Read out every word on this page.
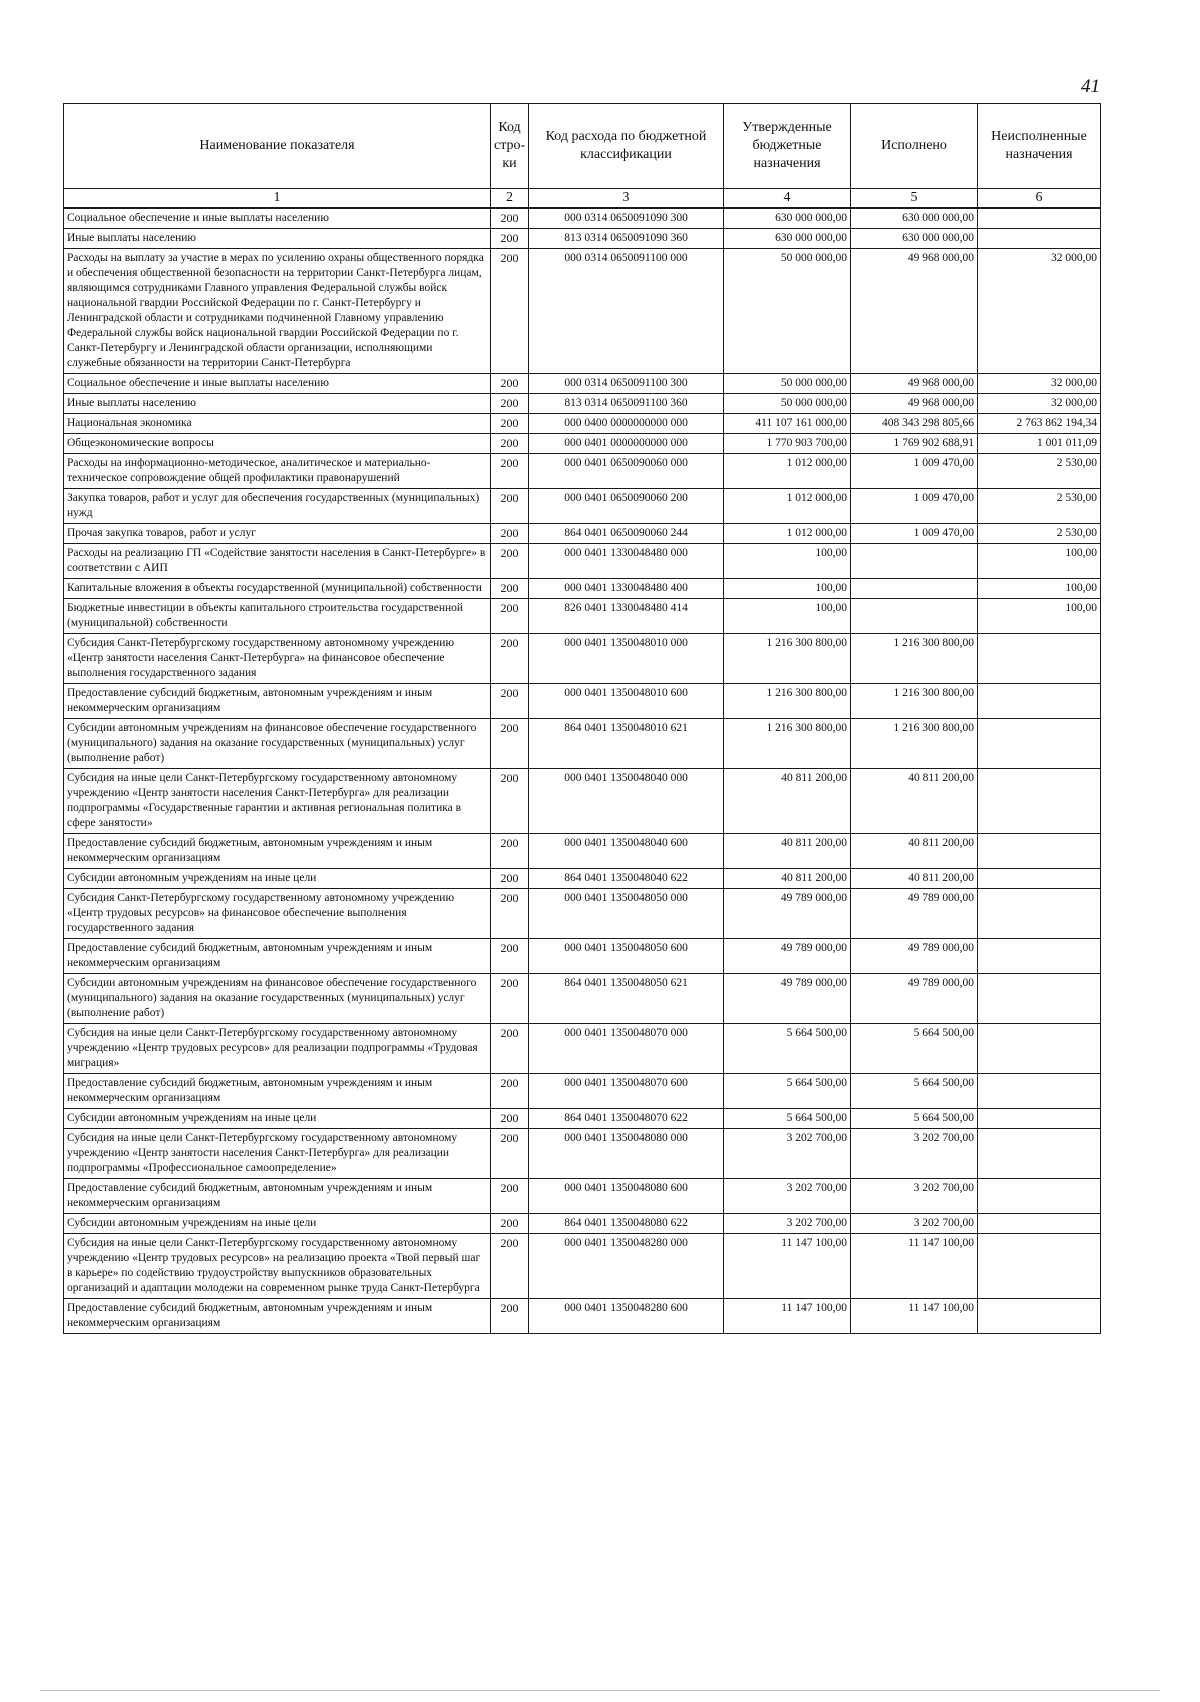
41
Наименование показателя	Код стро-ки	Код расхода по бюджетной классификации	Утвержденные бюджетные назначения	Исполнено	Неисполненные назначения
1	2	3	4	5	6
Социальное обеспечение и иные выплаты населению	200	000 0314 0650091090 300	630 000 000,00	630 000 000,00	
Иные выплаты населению	200	813 0314 0650091090 360	630 000 000,00	630 000 000,00	
Расходы на выплату за участие в мерах по усилению охраны общественного порядка и обеспечения общественной безопасности на территории Санкт-Петербурга лицам, являющимся сотрудниками Главного управления Федеральной службы войск национальной гвардии Российской Федерации по г. Санкт-Петербургу и Ленинградской области и сотрудниками подчиненной Главному управлению Федеральной службы войск национальной гвардии Российской Федерации по г. Санкт-Петербургу и Ленинградской области организации, исполняющими служебные обязанности на территории Санкт-Петербурга	200	000 0314 0650091100 000	50 000 000,00	49 968 000,00	32 000,00
Социальное обеспечение и иные выплаты населению	200	000 0314 0650091100 300	50 000 000,00	49 968 000,00	32 000,00
Иные выплаты населению	200	813 0314 0650091100 360	50 000 000,00	49 968 000,00	32 000,00
Национальная экономика	200	000 0400 0000000000 000	411 107 161 000,00	408 343 298 805,66	2 763 862 194,34
Общеэкономические вопросы	200	000 0401 0000000000 000	1 770 903 700,00	1 769 902 688,91	1 001 011,09
Расходы на информационно-методическое, аналитическое и материально-техническое сопровождение общей профилактики правонарушений	200	000 0401 0650090060 000	1 012 000,00	1 009 470,00	2 530,00
Закупка товаров, работ и услуг для обеспечения государственных (муниципальных) нужд	200	000 0401 0650090060 200	1 012 000,00	1 009 470,00	2 530,00
Прочая закупка товаров, работ и услуг	200	864 0401 0650090060 244	1 012 000,00	1 009 470,00	2 530,00
Расходы на реализацию ГП «Содействие занятости населения в Санкт-Петербурге» в соответствии с АИП	200	000 0401 1330048480 000	100,00		100,00
Капитальные вложения в объекты государственной (муниципальной) собственности	200	000 0401 1330048480 400	100,00		100,00
Бюджетные инвестиции в объекты капитального строительства государственной (муниципальной) собственности	200	826 0401 1330048480 414	100,00		100,00
Субсидия Санкт-Петербургскому государственному автономному учреждению «Центр занятости населения Санкт-Петербурга» на финансовое обеспечение выполнения государственного задания	200	000 0401 1350048010 000	1 216 300 800,00	1 216 300 800,00	
Предоставление субсидий бюджетным, автономным учреждениям и иным некоммерческим организациям	200	000 0401 1350048010 600	1 216 300 800,00	1 216 300 800,00	
Субсидии автономным учреждениям на финансовое обеспечение государственного (муниципального) задания на оказание государственных (муниципальных) услуг (выполнение работ)	200	864 0401 1350048010 621	1 216 300 800,00	1 216 300 800,00	
Субсидия на иные цели Санкт-Петербургскому государственному автономному учреждению «Центр занятости населения Санкт-Петербурга» для реализации подпрограммы «Государственные гарантии и активная региональная политика в сфере занятости»	200	000 0401 1350048040 000	40 811 200,00	40 811 200,00	
Предоставление субсидий бюджетным, автономным учреждениям и иным некоммерческим организациям	200	000 0401 1350048040 600	40 811 200,00	40 811 200,00	
Субсидии автономным учреждениям на иные цели	200	864 0401 1350048040 622	40 811 200,00	40 811 200,00	
Субсидия Санкт-Петербургскому государственному автономному учреждению «Центр трудовых ресурсов» на финансовое обеспечение выполнения государственного задания	200	000 0401 1350048050 000	49 789 000,00	49 789 000,00	
Предоставление субсидий бюджетным, автономным учреждениям и иным некоммерческим организациям	200	000 0401 1350048050 600	49 789 000,00	49 789 000,00	
Субсидии автономным учреждениям на финансовое обеспечение государственного (муниципального) задания на оказание государственных (муниципальных) услуг (выполнение работ)	200	864 0401 1350048050 621	49 789 000,00	49 789 000,00	
Субсидия на иные цели Санкт-Петербургскому государственному автономному учреждению «Центр трудовых ресурсов» для реализации подпрограммы «Трудовая миграция»	200	000 0401 1350048070 000	5 664 500,00	5 664 500,00	
Предоставление субсидий бюджетным, автономным учреждениям и иным некоммерческим организациям	200	000 0401 1350048070 600	5 664 500,00	5 664 500,00	
Субсидии автономным учреждениям на иные цели	200	864 0401 1350048070 622	5 664 500,00	5 664 500,00	
Субсидия на иные цели Санкт-Петербургскому государственному автономному учреждению «Центр занятости населения Санкт-Петербурга» для реализации подпрограммы «Профессиональное самоопределение»	200	000 0401 1350048080 000	3 202 700,00	3 202 700,00	
Предоставление субсидий бюджетным, автономным учреждениям и иным некоммерческим организациям	200	000 0401 1350048080 600	3 202 700,00	3 202 700,00	
Субсидии автономным учреждениям на иные цели	200	864 0401 1350048080 622	3 202 700,00	3 202 700,00	
Субсидия на иные цели Санкт-Петербургскому государственному автономному учреждению «Центр трудовых ресурсов» на реализацию проекта «Твой первый шаг в карьере» по содействию трудоустройству выпускников образовательных организаций и адаптации молодежи на современном рынке труда Санкт-Петербурга	200	000 0401 1350048280 000	11 147 100,00	11 147 100,00	
Предоставление субсидий бюджетным, автономным учреждениям и иным некоммерческим организациям	200	000 0401 1350048280 600	11 147 100,00	11 147 100,00	
